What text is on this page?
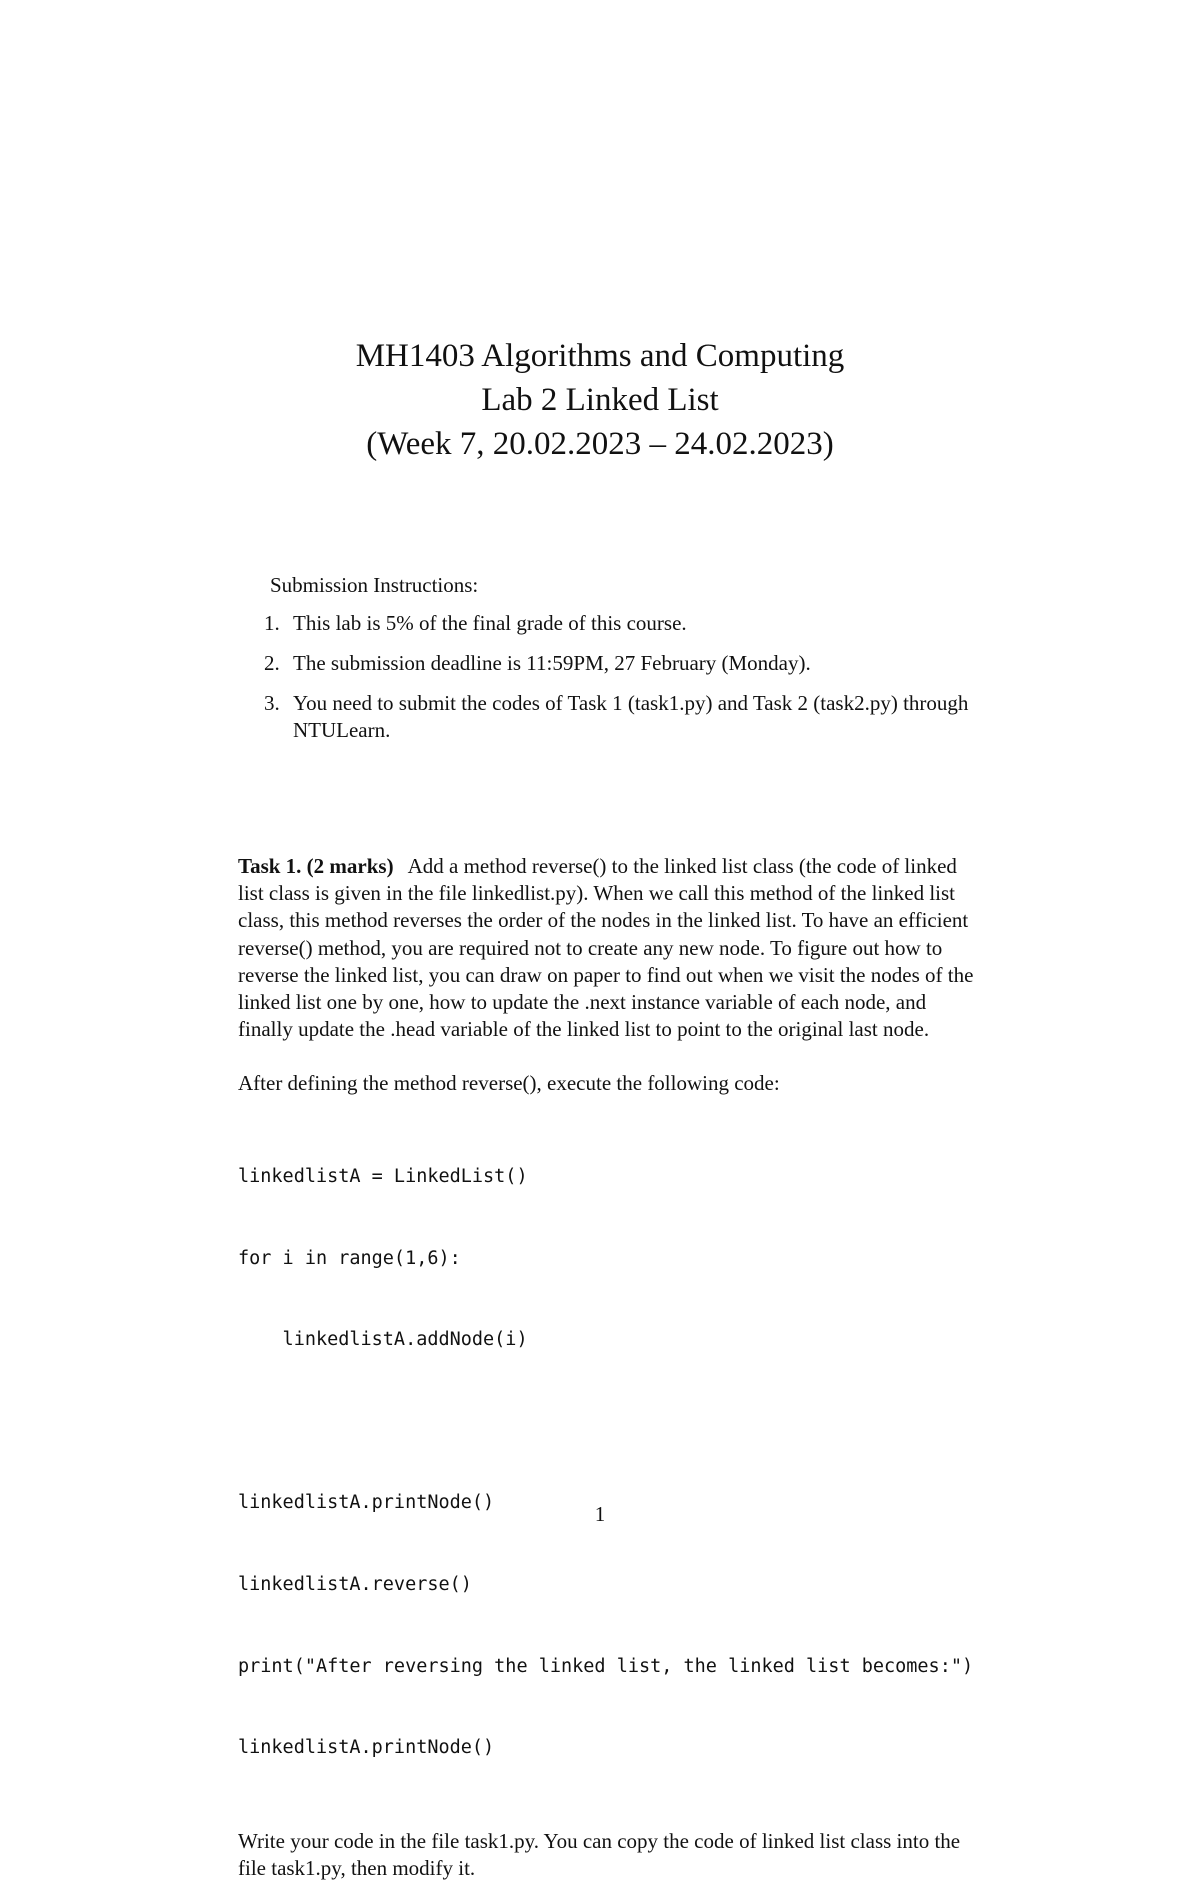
MH1403 Algorithms and Computing
Lab 2 Linked List
(Week 7, 20.02.2023 – 24.02.2023)

Submission Instructions:

1. This lab is 5% of the final grade of this course.
2. The submission deadline is 11:59PM, 27 February (Monday).
3. You need to submit the codes of Task 1 (task1.py) and Task 2 (task2.py) through NTULearn.

Task 1. (2 marks) Add a method reverse() to the linked list class (the code of linked list class is given in the file linkedlist.py). When we call this method of the linked list class, this method reverses the order of the nodes in the linked list. To have an efficient reverse() method, you are required not to create any new node. To figure out how to reverse the linked list, you can draw on paper to find out when we visit the nodes of the linked list one by one, how to update the .next instance variable of each node, and finally update the .head variable of the linked list to point to the original last node.

After defining the method reverse(), execute the following code:

linkedlistA = LinkedList()

for i in range(1,6):

linkedlistA.addNode(i)

linkedlistA.printNode()

linkedlistA.reverse()

print("After reversing the linked list, the linked list becomes:")

linkedlistA.printNode()

Write your code in the file task1.py. You can copy the code of linked list class into the file task1.py, then modify it.

1
